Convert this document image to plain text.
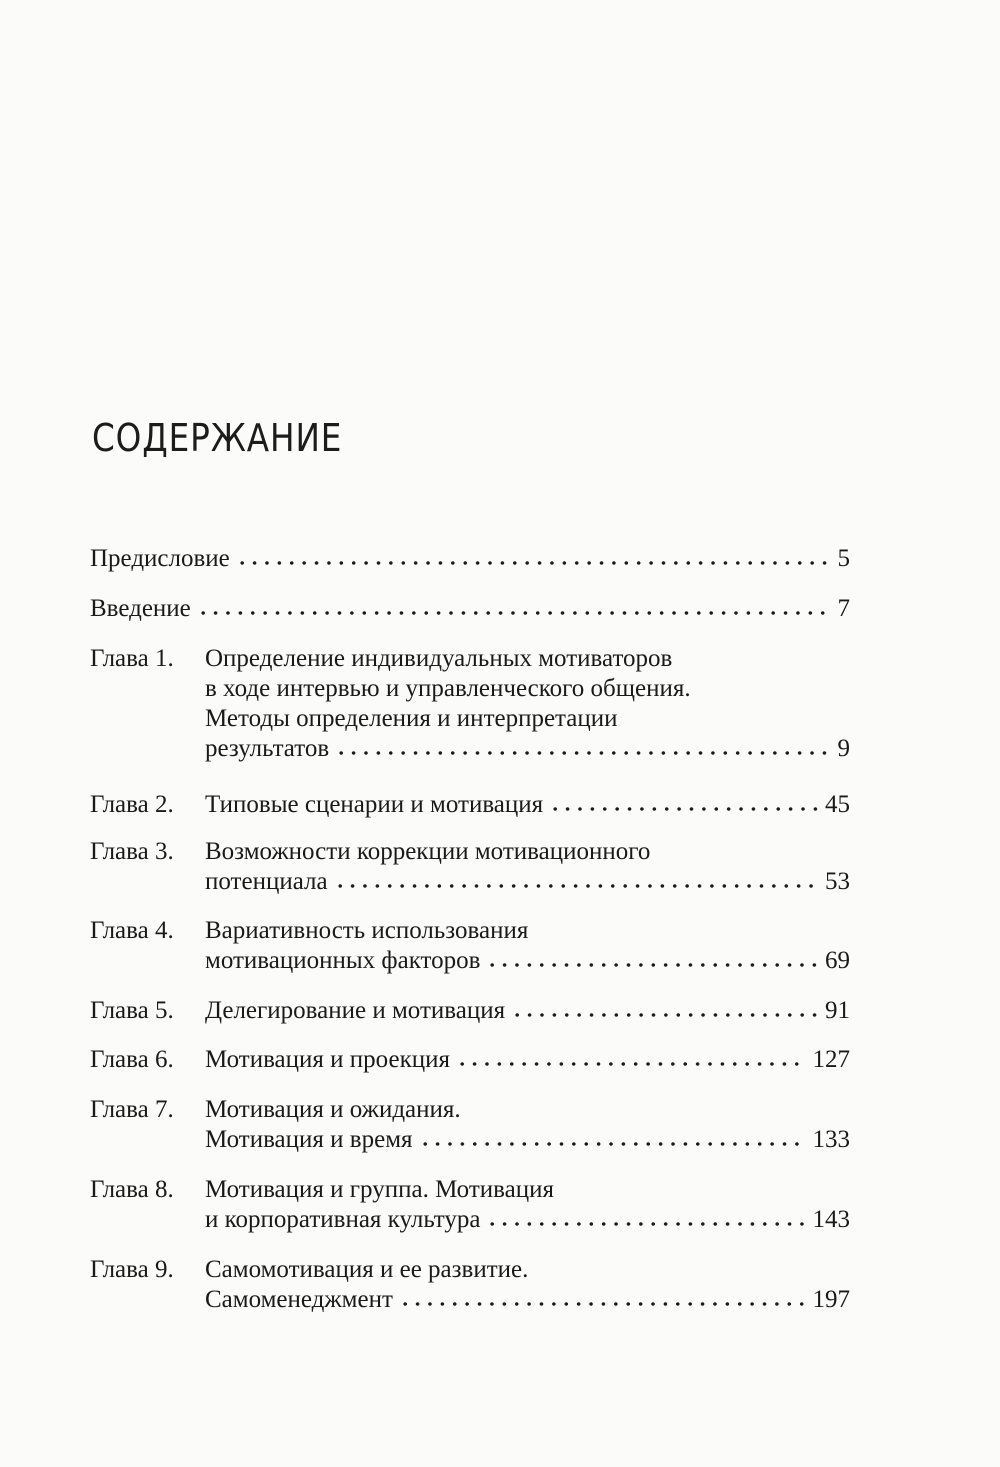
СОДЕРЖАНИЕ
Предисловие	5
Введение	7
Глава 1. Определение индивидуальных мотиваторов
в ходе интервью и управленческого общения.
Методы определения и интерпретации
результатов	9
Глава 2. Типовые сценарии и мотивация	45
Глава 3. Возможности коррекции мотивационного
потенциала	53
Глава 4. Вариативность использования
мотивационных факторов	69
Глава 5. Делегирование и мотивация	91
Глава 6. Мотивация и проекция	127
Глава 7. Мотивация и ожидания.
Мотивация и время	133
Глава 8. Мотивация и группа. Мотивация
и корпоративная культура	143
Глава 9. Самомотивация и ее развитие.
Самоменеджмент	197
